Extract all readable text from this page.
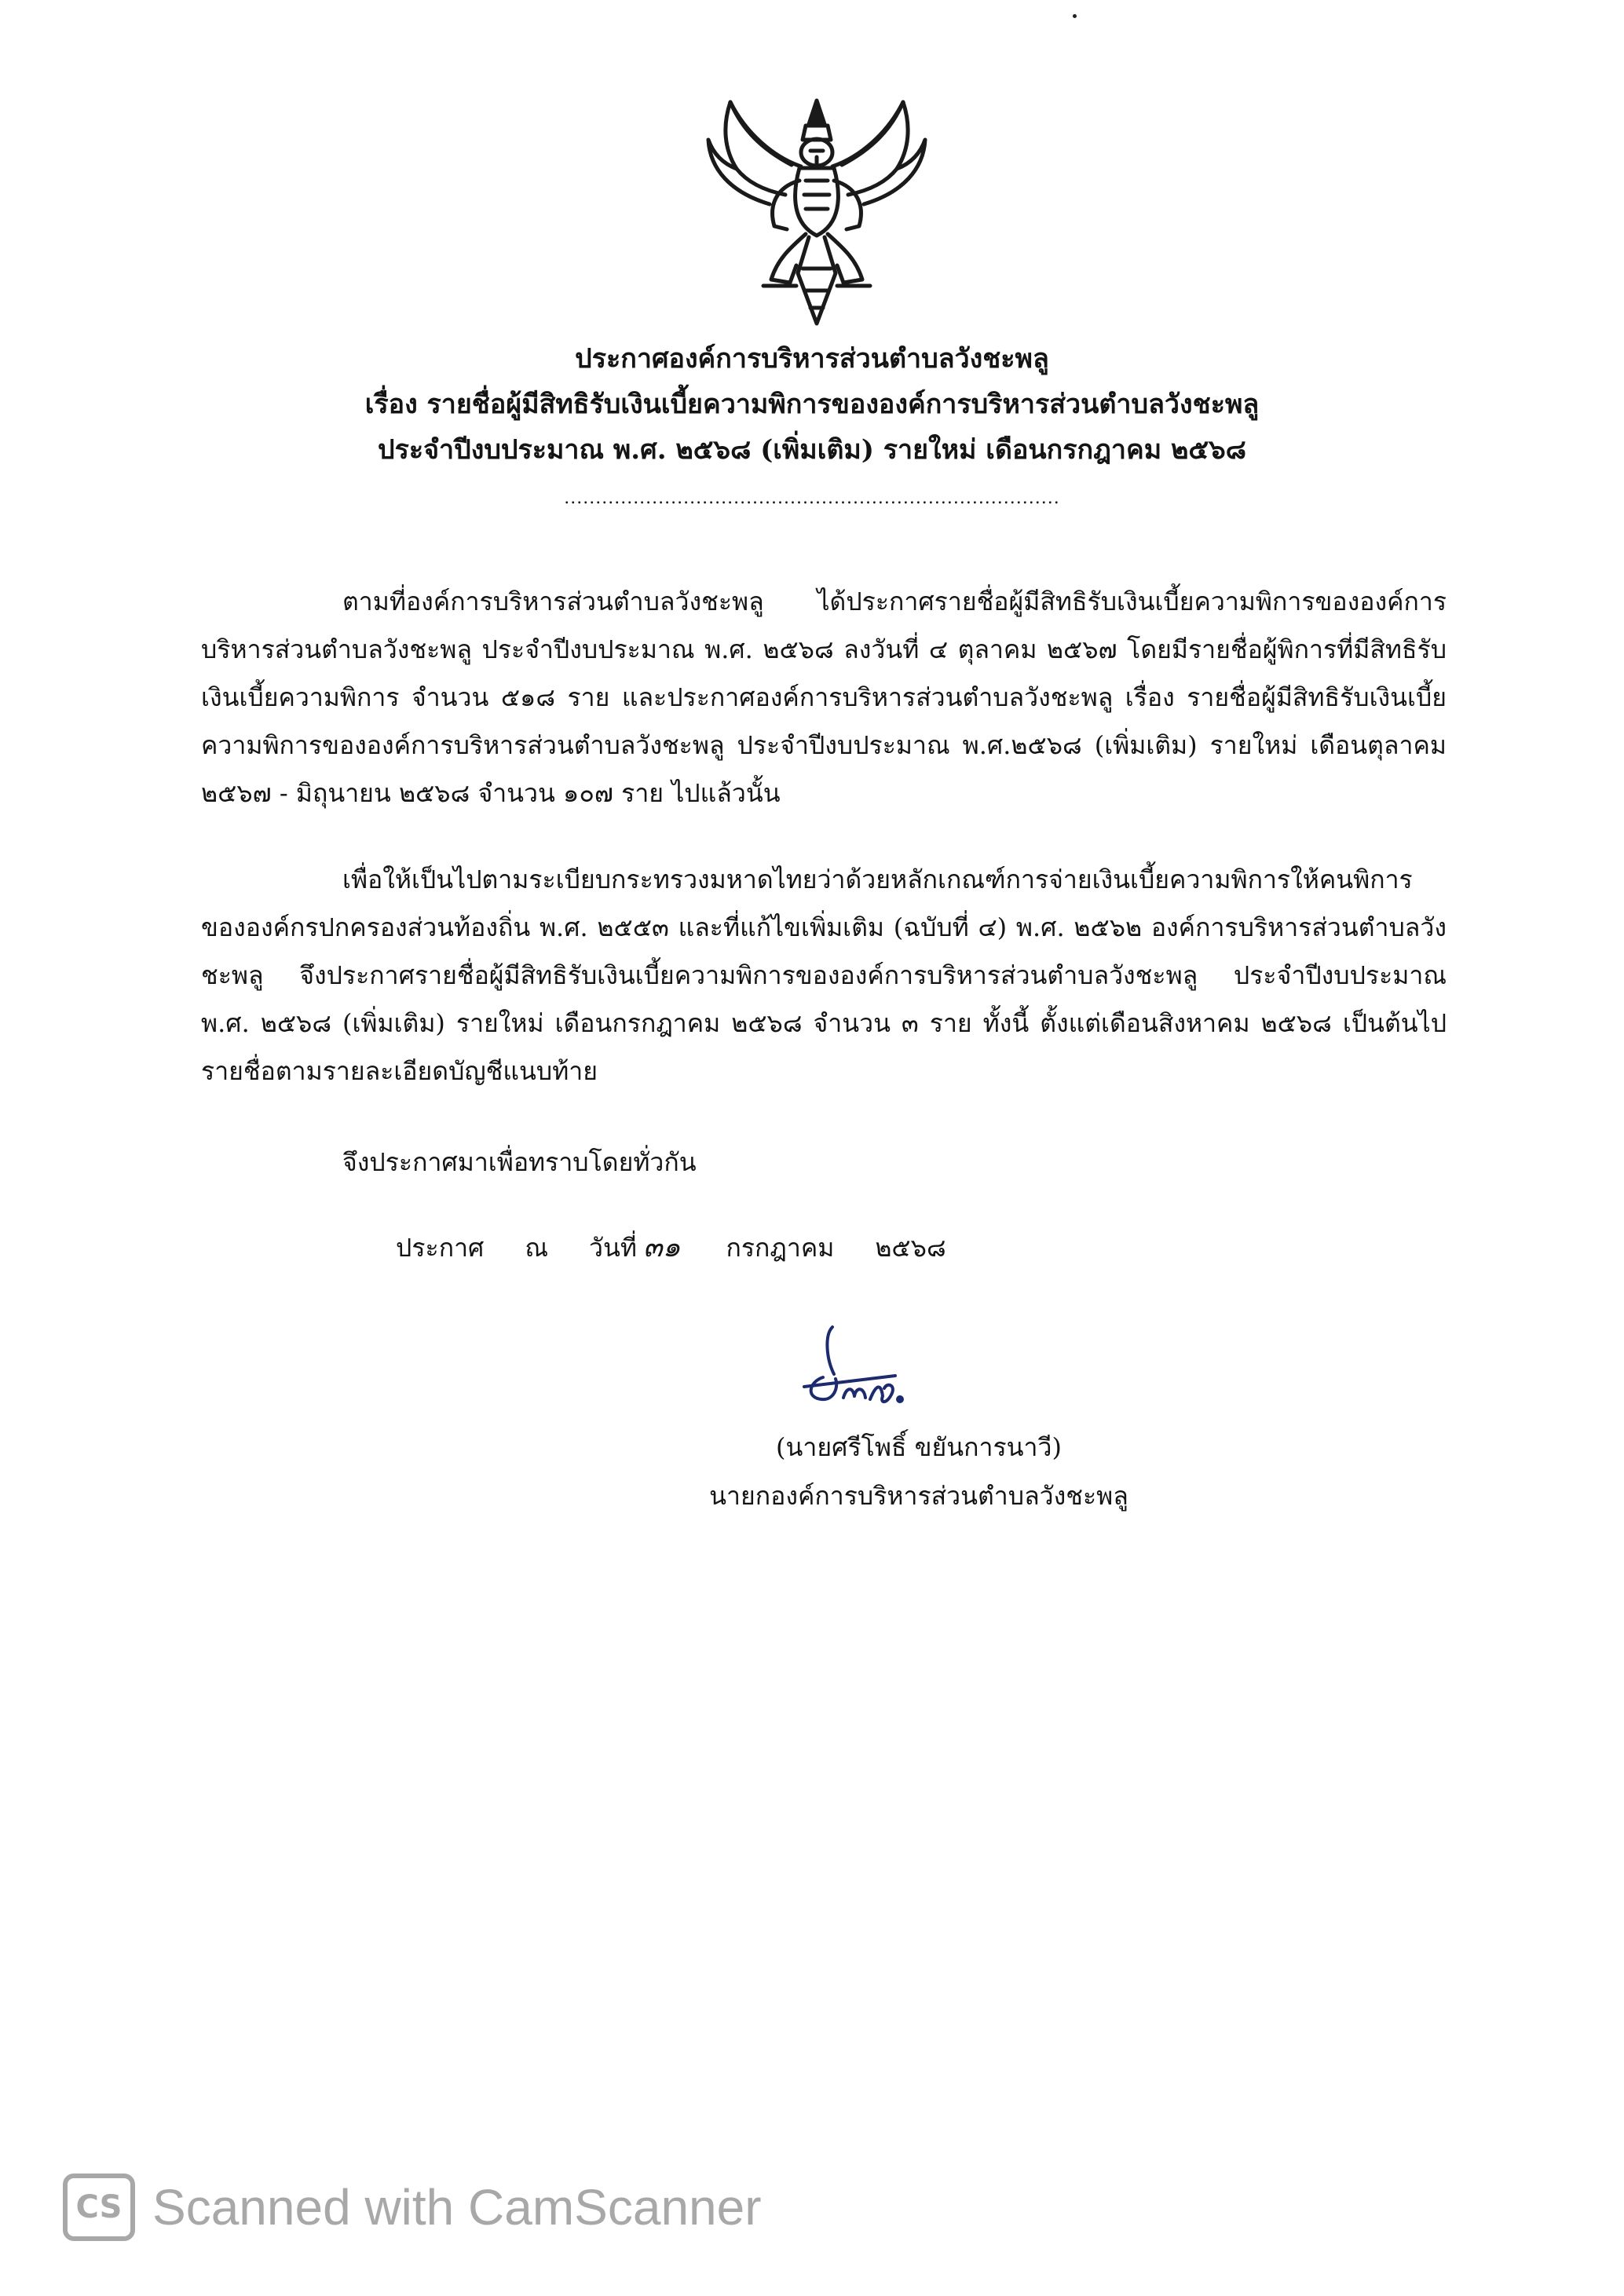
ประกาศองค์การบริหารส่วนตำบลวังชะพลู
เรื่อง รายชื่อผู้มีสิทธิรับเงินเบี้ยความพิการขององค์การบริหารส่วนตำบลวังชะพลู
ประจำปีงบประมาณ พ.ศ. ๒๕๖๘ (เพิ่มเติม) รายใหม่ เดือนกรกฎาคม ๒๕๖๘
...............................................................................
ตามที่องค์การบริหารส่วนตำบลวังชะพลู ได้ประกาศรายชื่อผู้มีสิทธิรับเงินเบี้ยความพิการขององค์การบริหารส่วนตำบลวังชะพลู ประจำปีงบประมาณ พ.ศ. ๒๕๖๘ ลงวันที่ ๔ ตุลาคม ๒๕๖๗ โดยมีรายชื่อผู้พิการที่มีสิทธิรับเงินเบี้ยความพิการ จำนวน ๕๑๘ ราย และประกาศองค์การบริหารส่วนตำบลวังชะพลู เรื่อง รายชื่อผู้มีสิทธิรับเงินเบี้ยความพิการขององค์การบริหารส่วนตำบลวังชะพลู ประจำปีงบประมาณ พ.ศ.๒๕๖๘ (เพิ่มเติม) รายใหม่ เดือนตุลาคม ๒๕๖๗ - มิถุนายน ๒๕๖๘ จำนวน ๑๐๗ ราย ไปแล้วนั้น
เพื่อให้เป็นไปตามระเบียบกระทรวงมหาดไทยว่าด้วยหลักเกณฑ์การจ่ายเงินเบี้ยความพิการให้คนพิการขององค์กรปกครองส่วนท้องถิ่น พ.ศ. ๒๕๕๓ และที่แก้ไขเพิ่มเติม (ฉบับที่ ๔) พ.ศ. ๒๕๖๒ องค์การบริหารส่วนตำบลวังชะพลู จึงประกาศรายชื่อผู้มีสิทธิรับเงินเบี้ยความพิการขององค์การบริหารส่วนตำบลวังชะพลู ประจำปีงบประมาณ พ.ศ. ๒๕๖๘ (เพิ่มเติม) รายใหม่ เดือนกรกฎาคม ๒๕๖๘ จำนวน ๓ ราย ทั้งนี้ ตั้งแต่เดือนสิงหาคม ๒๕๖๘ เป็นต้นไป รายชื่อตามรายละเอียดบัญชีแนบท้าย
จึงประกาศมาเพื่อทราบโดยทั่วกัน
ประกาศ ณ วันที่ ๓๑ กรกฎาคม ๒๕๖๘
(นายศรีโพธิ์ ขยันการนาวี)
นายกองค์การบริหารส่วนตำบลวังชะพลู
CS Scanned with CamScanner
